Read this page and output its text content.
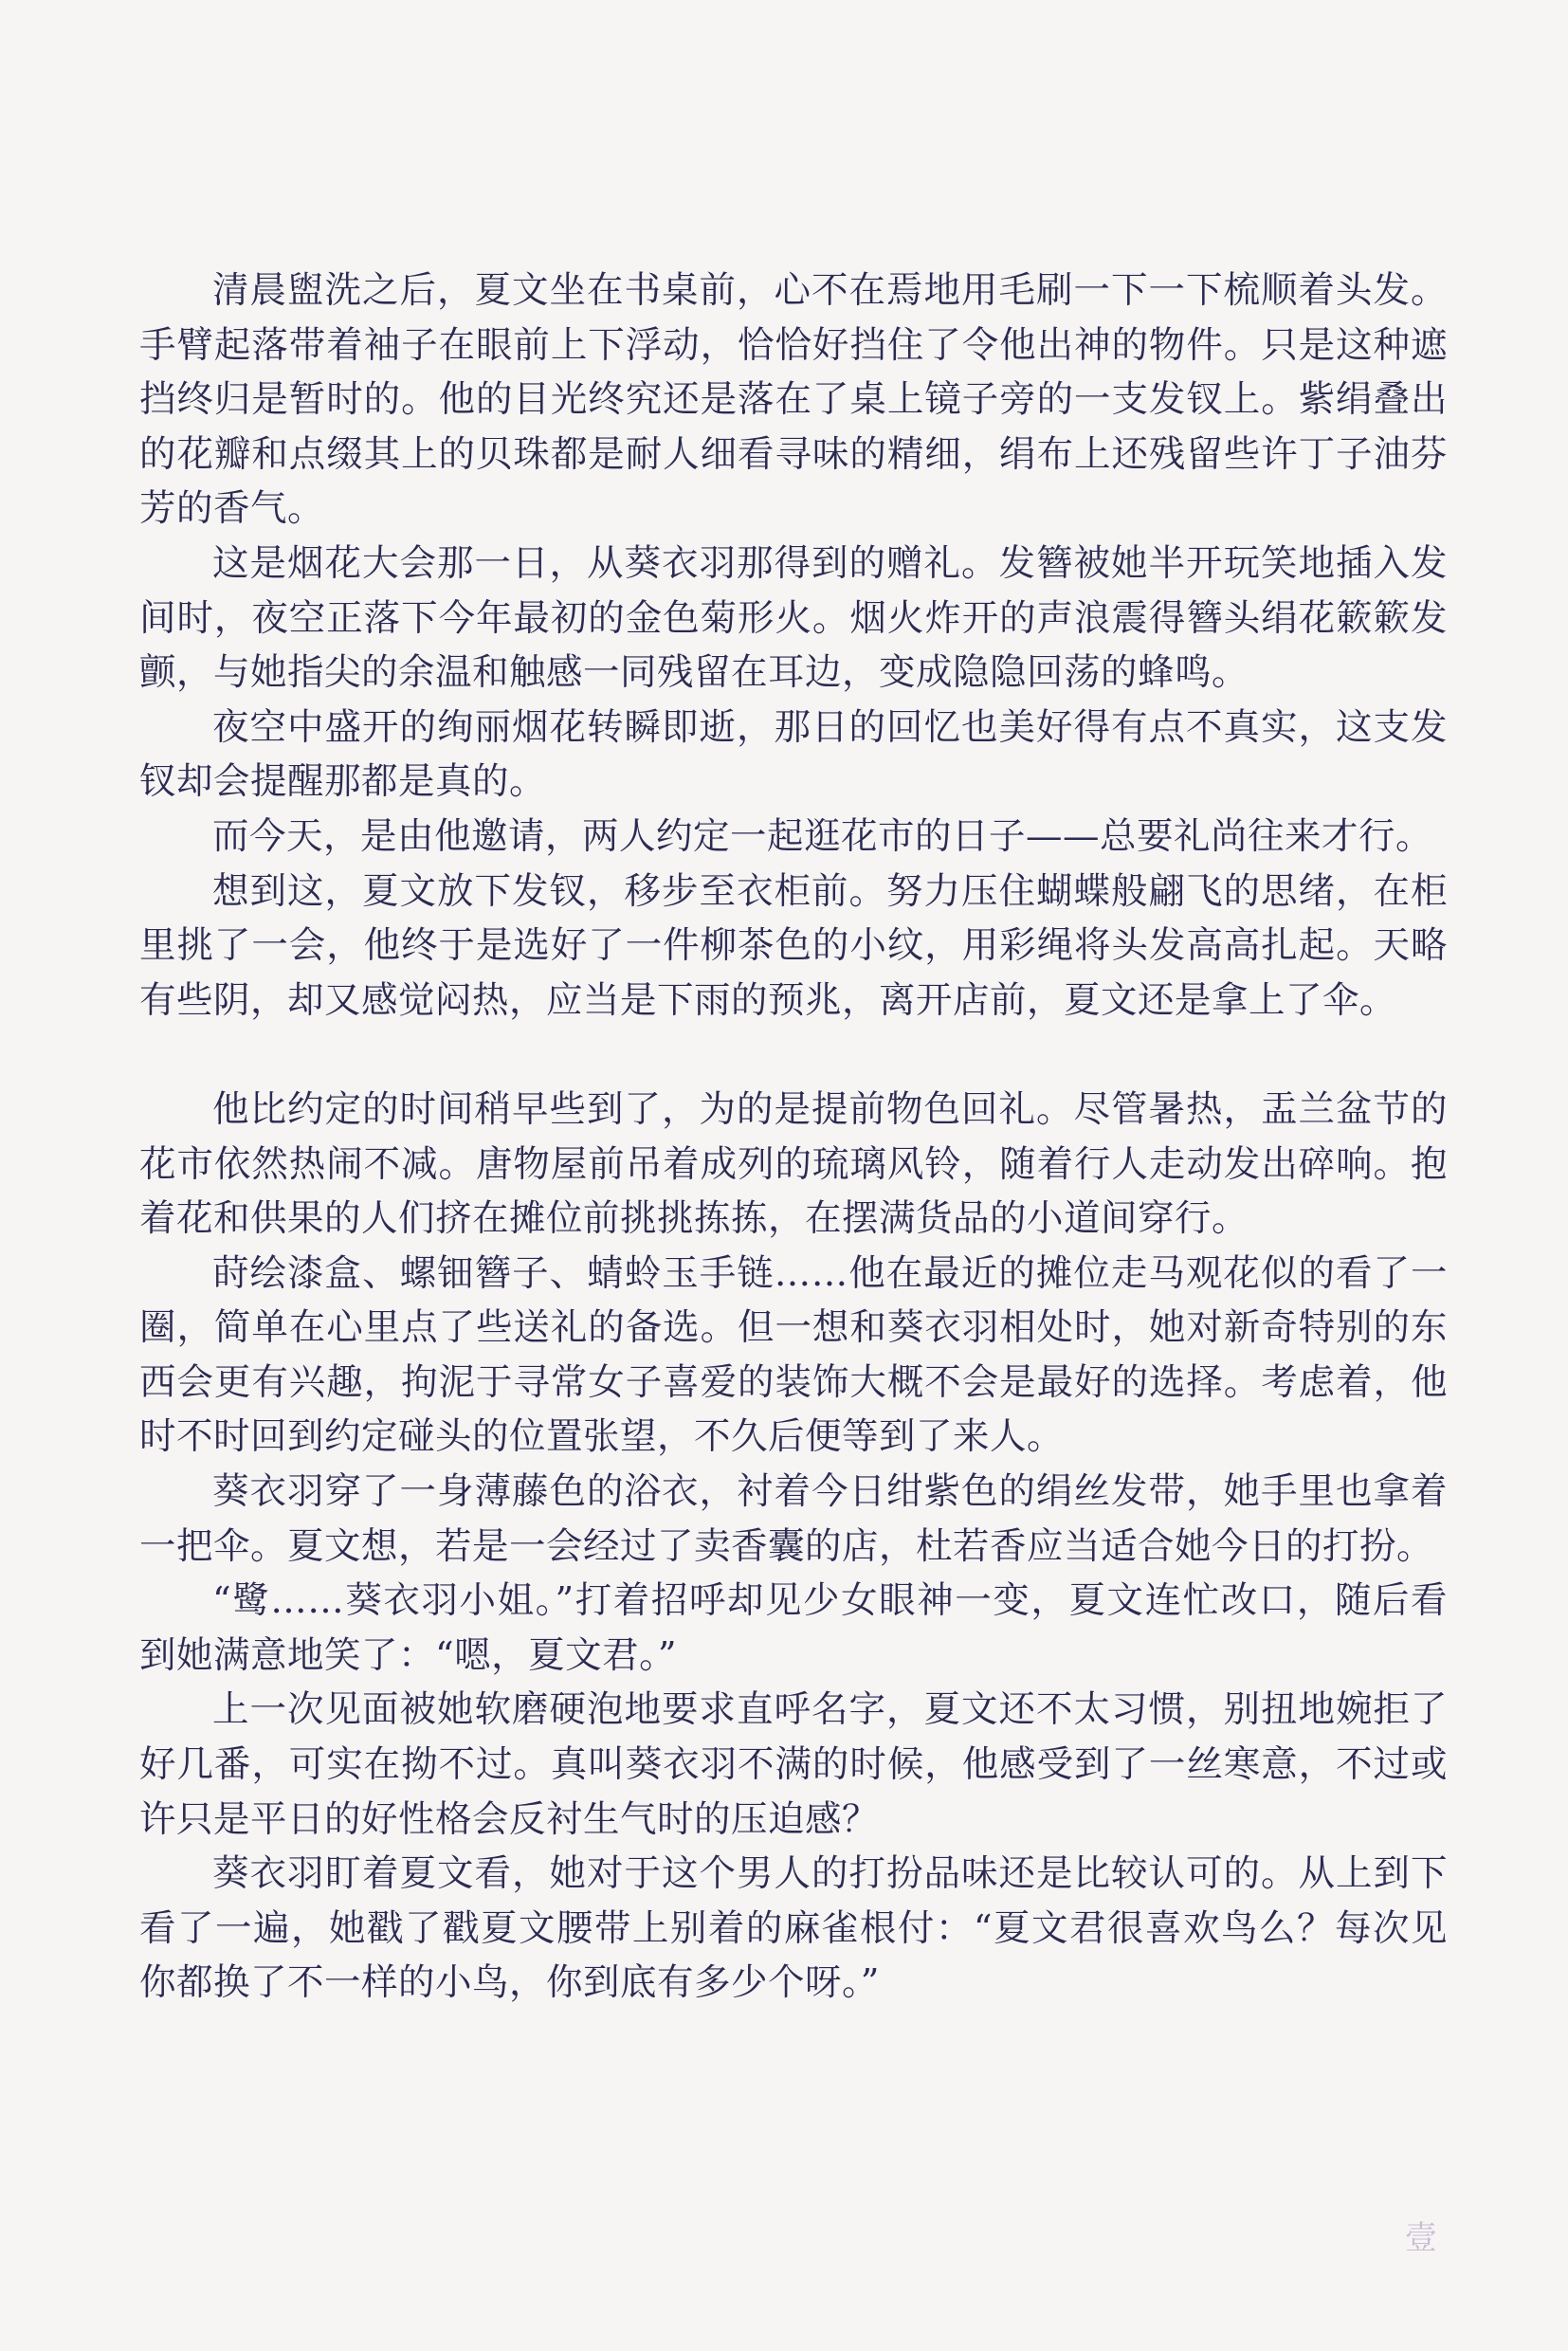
清晨盥洗之后，夏文坐在书桌前，心不在焉地用毛刷一下一下梳顺着头发。手臂起落带着袖子在眼前上下浮动，恰恰好挡住了令他出神的物件。只是这种遮挡终归是暂时的。他的目光终究还是落在了桌上镜子旁的一支发钗上。紫绢叠出的花瓣和点缀其上的贝珠都是耐人细看寻味的精细，绢布上还残留些许丁子油芬芳的香气。

这是烟花大会那一日，从葵衣羽那得到的赠礼。发簪被她半开玩笑地插入发间时，夜空正落下今年最初的金色菊形火。烟火炸开的声浪震得簪头绢花簌簌发颤，与她指尖的余温和触感一同残留在耳边，变成隐隐回荡的蜂鸣。

夜空中盛开的绚丽烟花转瞬即逝，那日的回忆也美好得有点不真实，这支发钗却会提醒那都是真的。

而今天，是由他邀请，两人约定一起逛花市的日子——总要礼尚往来才行。

想到这，夏文放下发钗，移步至衣柜前。努力压住蝴蝶般翩飞的思绪，在柜里挑了一会，他终于是选好了一件柳茶色的小纹，用彩绳将头发高高扎起。天略有些阴，却又感觉闷热，应当是下雨的预兆，离开店前，夏文还是拿上了伞。

他比约定的时间稍早些到了，为的是提前物色回礼。尽管暑热，盂兰盆节的花市依然热闹不减。唐物屋前吊着成列的琉璃风铃，随着行人走动发出碎响。抱着花和供果的人们挤在摊位前挑挑拣拣，在摆满货品的小道间穿行。

莳绘漆盒、螺钿簪子、蜻蛉玉手链……他在最近的摊位走马观花似的看了一圈，简单在心里点了些送礼的备选。但一想和葵衣羽相处时，她对新奇特别的东西会更有兴趣，拘泥于寻常女子喜爱的装饰大概不会是最好的选择。考虑着，他时不时回到约定碰头的位置张望，不久后便等到了来人。

葵衣羽穿了一身薄藤色的浴衣，衬着今日绀紫色的绢丝发带，她手里也拿着一把伞。夏文想，若是一会经过了卖香囊的店，杜若香应当适合她今日的打扮。

“鹭……葵衣羽小姐。”打着招呼却见少女眼神一变，夏文连忙改口，随后看到她满意地笑了：“嗯，夏文君。”

上一次见面被她软磨硬泡地要求直呼名字，夏文还不太习惯，别扭地婉拒了好几番，可实在拗不过。真叫葵衣羽不满的时候，他感受到了一丝寒意，不过或许只是平日的好性格会反衬生气时的压迫感？

葵衣羽盯着夏文看，她对于这个男人的打扮品味还是比较认可的。从上到下看了一遍，她戳了戳夏文腰带上别着的麻雀根付：“夏文君很喜欢鸟么？每次见你都换了不一样的小鸟，你到底有多少个呀。”

壹
